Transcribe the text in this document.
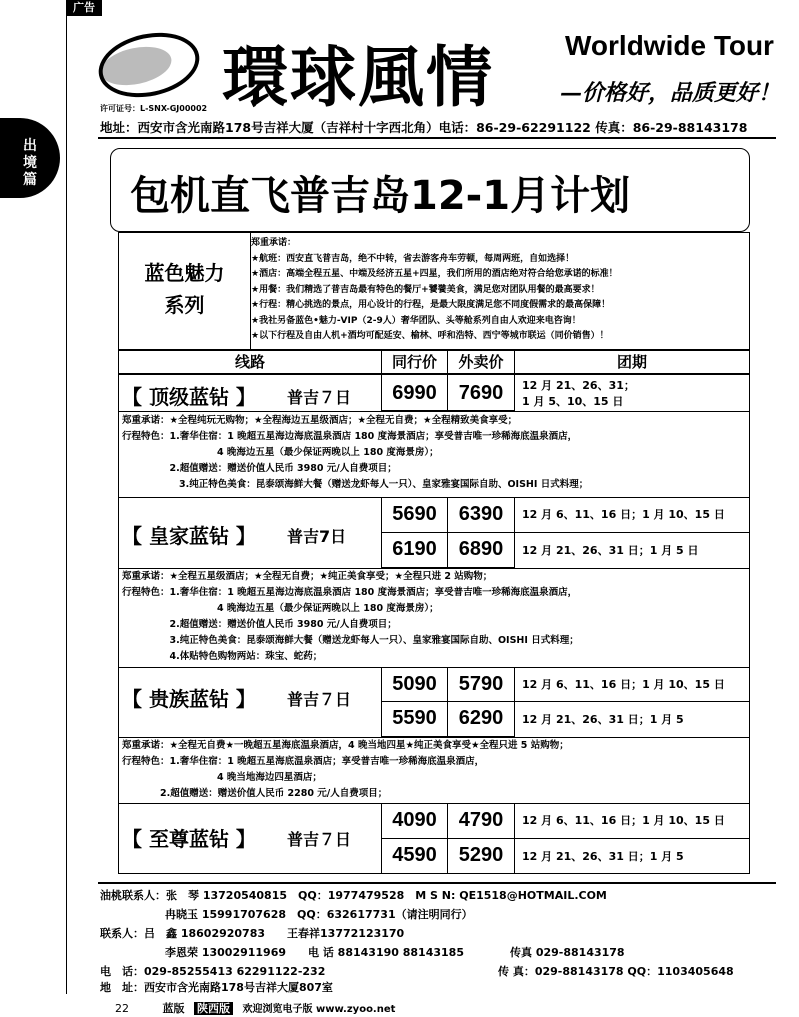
广告
出
境
篇
環球風情	Worldwide Tour
—价格好，品质更好！
许可证号：L-SNX-GJ00002
地址：西安市含光南路178号吉祥大厦（吉祥村十字西北角）电话：86-29-62291122 传真：86-29-88143178
包机直飞普吉岛12-1月计划
蓝色魅力
系列
郑重承诺：
★航班：西安直飞普吉岛，绝不中转，省去游客舟车劳顿，每周两班，自如选择！
★酒店：高端全程五星、中端及经济五星+四星，我们所用的酒店绝对符合给您承诺的标准！
★用餐：我们精选了普吉岛最有特色的餐厅+饕餮美食，满足您对团队用餐的最高要求！
★行程：精心挑选的景点，用心设计的行程，是最大限度满足您不同度假需求的最高保障！
★我社另备蓝色•魅力-VIP（2-9人）奢华团队、头等舱系列自由人欢迎来电咨询！
★以下行程及自由人机+酒均可配延安、榆林、呼和浩特、西宁等城市联运（同价销售）！
线路	同行价	外卖价	团期
【 顶级蓝钻 】 普吉７日	6990	7690	12 月 21、26、31；
1 月 5、10、15 日
郑重承诺：★全程纯玩无购物；★全程海边五星级酒店；★全程无自费；★全程精致美食享受；
行程特色：1.奢华住宿：1 晚超五星海边海底温泉酒店 180 度海景酒店；享受普吉唯一珍稀海底温泉酒店，
　　　　　　　　　　4 晚海边五星（最少保证两晚以上 180 度海景房）；
　　　　　2.超值赠送：赠送价值人民币 3980 元/人自费项目；
　　　　　　3.纯正特色美食：昆泰颂海鲜大餐（赠送龙虾每人一只）、皇家雅宴国际自助、OISHI 日式料理；
【 皇家蓝钻 】 普吉7日
5690	6390	12 月 6、11、16 日；1 月 10、15 日
6190	6890	12 月 21、26、31 日；1 月 5 日
郑重承诺：★全程五星级酒店；★全程无自费；★纯正美食享受；★全程只进 2 站购物；
行程特色：1.奢华住宿：1 晚超五星海边海底温泉酒店 180 度海景酒店；享受普吉唯一珍稀海底温泉酒店，
　　　　　　　　　　4 晚海边五星（最少保证两晚以上 180 度海景房）；
　　　　　2.超值赠送：赠送价值人民币 3980 元/人自费项目；
　　　　　3.纯正特色美食：昆泰颂海鲜大餐（赠送龙虾每人一只）、皇家雅宴国际自助、OISHI 日式料理；
　　　　　4.体贴特色购物两站：珠宝、蛇药；
【 贵族蓝钻 】 普吉７日
5090	5790	12 月 6、11、16 日；1 月 10、15 日
5590	6290	12 月 21、26、31 日；1 月 5
郑重承诺：★全程无自费★一晚超五星海底温泉酒店，4 晚当地四星★纯正美食享受★全程只进 5 站购物；
行程特色：1.奢华住宿：1 晚超五星海底温泉酒店；享受普吉唯一珍稀海底温泉酒店，
　　　　　　　　　　4 晚当地海边四星酒店；
　　　　2.超值赠送：赠送价值人民币 2280 元/人自费项目；
【 至尊蓝钻 】 普吉７日
4090	4790	12 月 6、11、16 日；1 月 10、15 日
4590	5290	12 月 21、26、31 日；1 月 5
油桃联系人：张　琴 13720540815　QQ：1977479528　M S N: QE1518@HOTMAIL.COM
冉晓玉 15991707628　QQ：632617731（请注明同行）
联系人：吕　鑫 18602920783　　王春祥13772123170
李恩荣 13002911969　　电 话 88143190 88143185	传真 029-88143178
电　话：029-85255413 62291122-232	传 真：029-88143178 QQ：1103405648
地　址：西安市含光南路178号吉祥大厦807室
22	蓝版 陕西版 欢迎浏览电子版 www.zyoo.net
